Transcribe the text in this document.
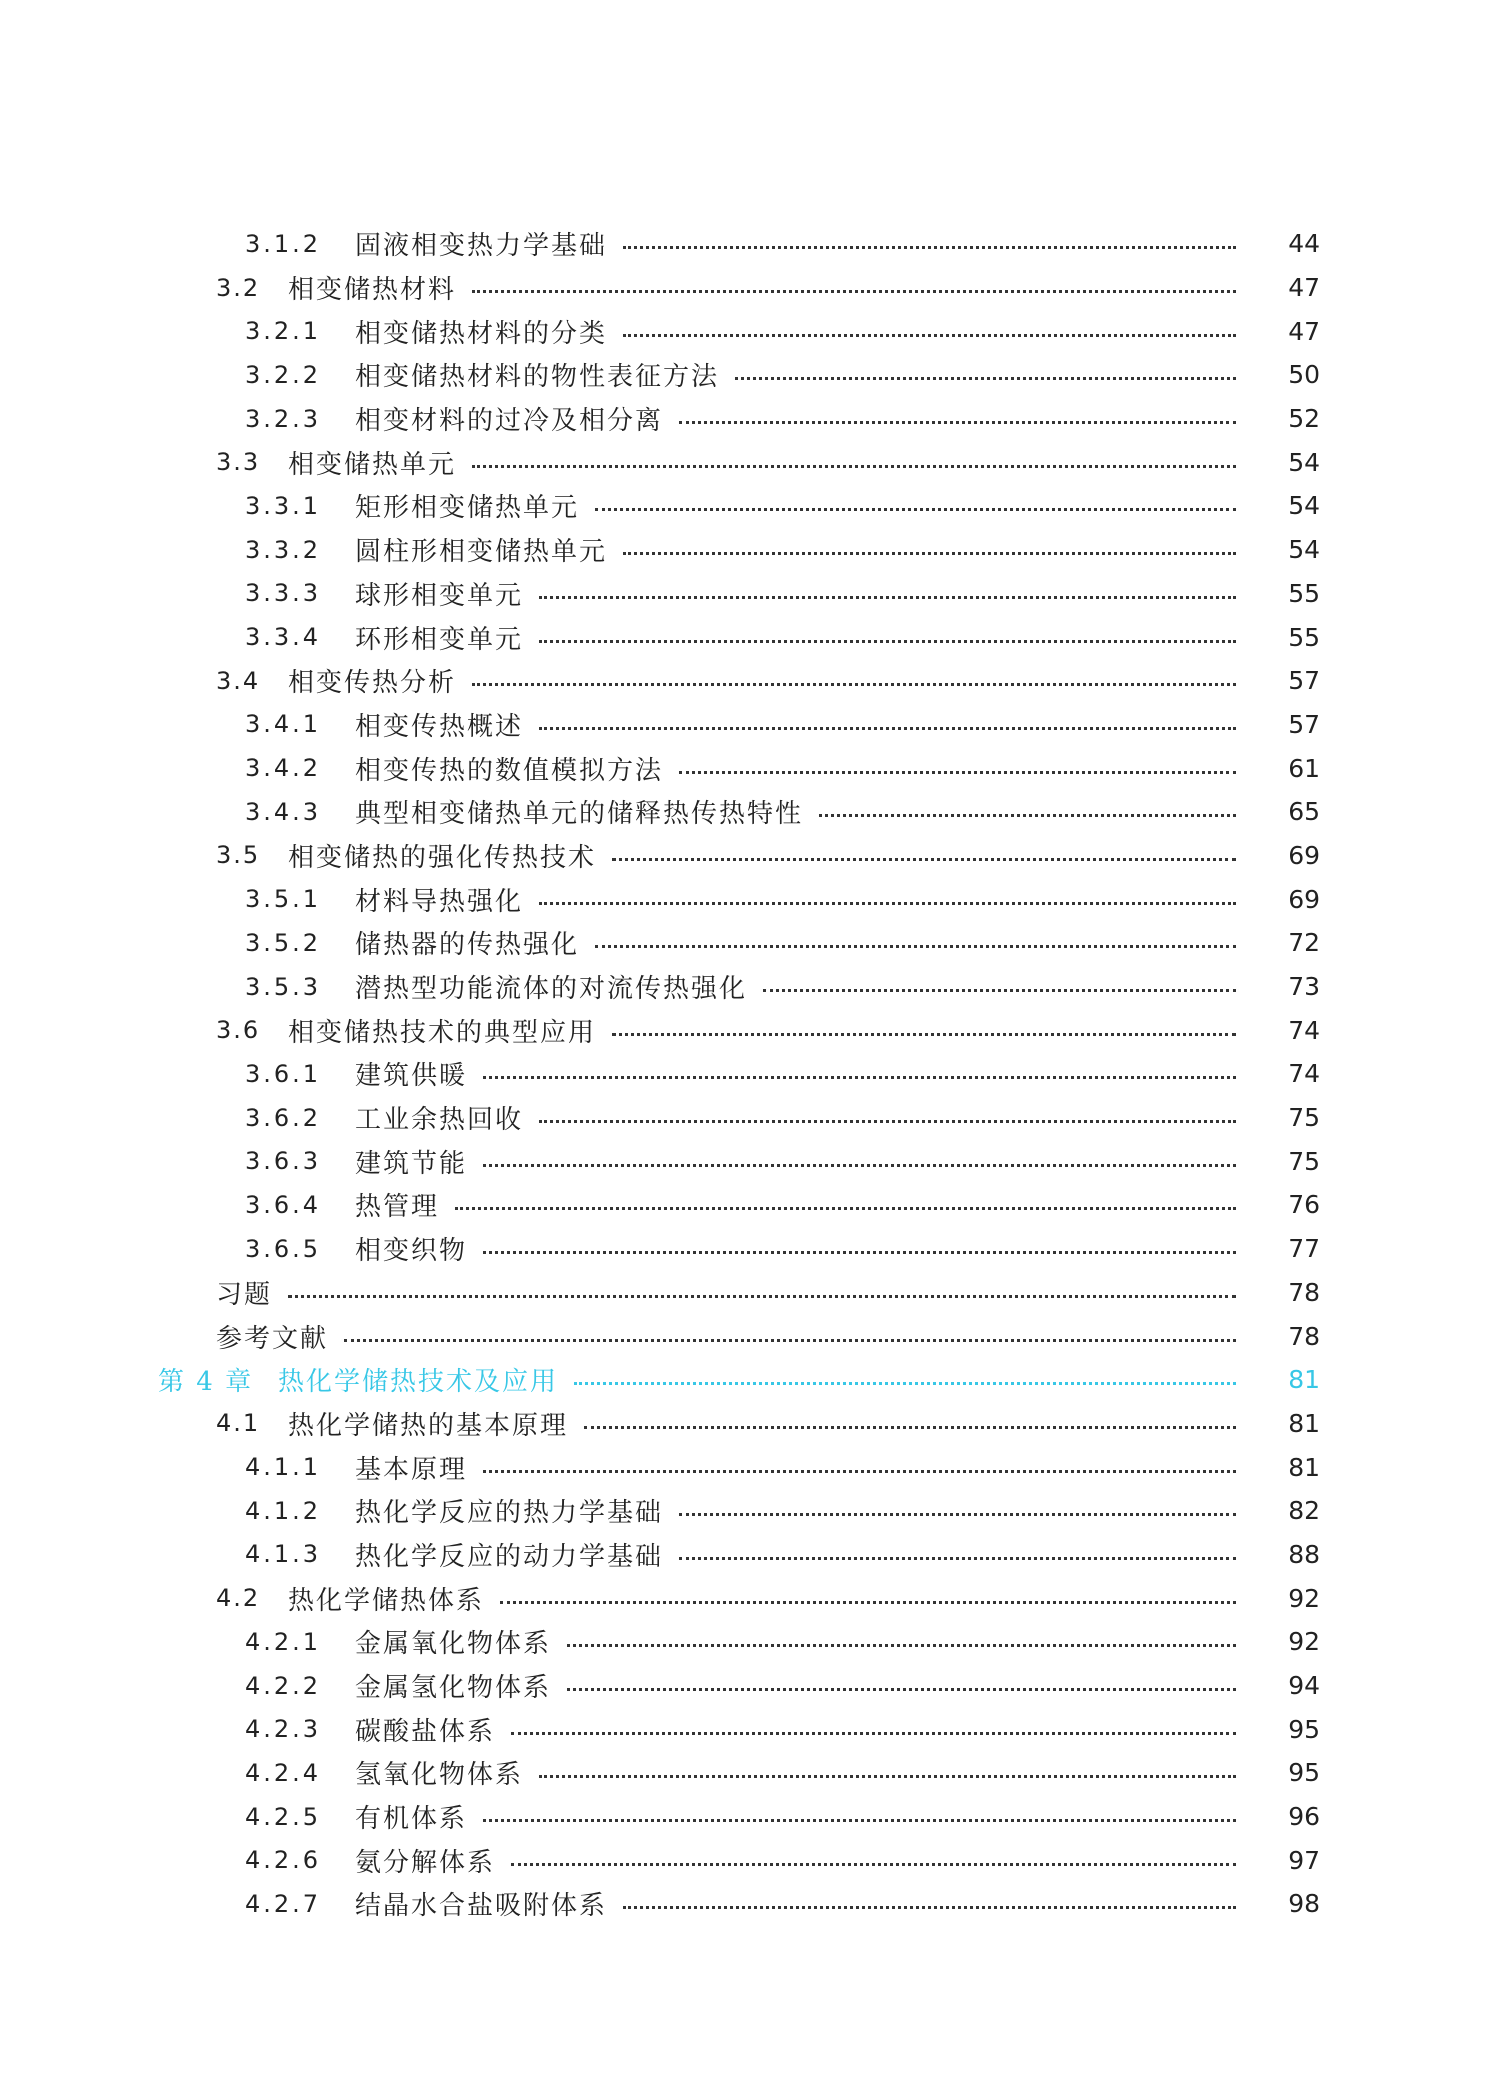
3.1.2	固液相变热力学基础	44
3.2	相变储热材料	47
3.2.1	相变储热材料的分类	47
3.2.2	相变储热材料的物性表征方法	50
3.2.3	相变材料的过冷及相分离	52
3.3	相变储热单元	54
3.3.1	矩形相变储热单元	54
3.3.2	圆柱形相变储热单元	54
3.3.3	球形相变单元	55
3.3.4	环形相变单元	55
3.4	相变传热分析	57
3.4.1	相变传热概述	57
3.4.2	相变传热的数值模拟方法	61
3.4.3	典型相变储热单元的储释热传热特性	65
3.5	相变储热的强化传热技术	69
3.5.1	材料导热强化	69
3.5.2	储热器的传热强化	72
3.5.3	潜热型功能流体的对流传热强化	73
3.6	相变储热技术的典型应用	74
3.6.1	建筑供暖	74
3.6.2	工业余热回收	75
3.6.3	建筑节能	75
3.6.4	热管理	76
3.6.5	相变织物	77
习题	78
参考文献	78
第 4 章 热化学储热技术及应用	81
4.1	热化学储热的基本原理	81
4.1.1	基本原理	81
4.1.2	热化学反应的热力学基础	82
4.1.3	热化学反应的动力学基础	88
4.2	热化学储热体系	92
4.2.1	金属氧化物体系	92
4.2.2	金属氢化物体系	94
4.2.3	碳酸盐体系	95
4.2.4	氢氧化物体系	95
4.2.5	有机体系	96
4.2.6	氨分解体系	97
4.2.7	结晶水合盐吸附体系	98
